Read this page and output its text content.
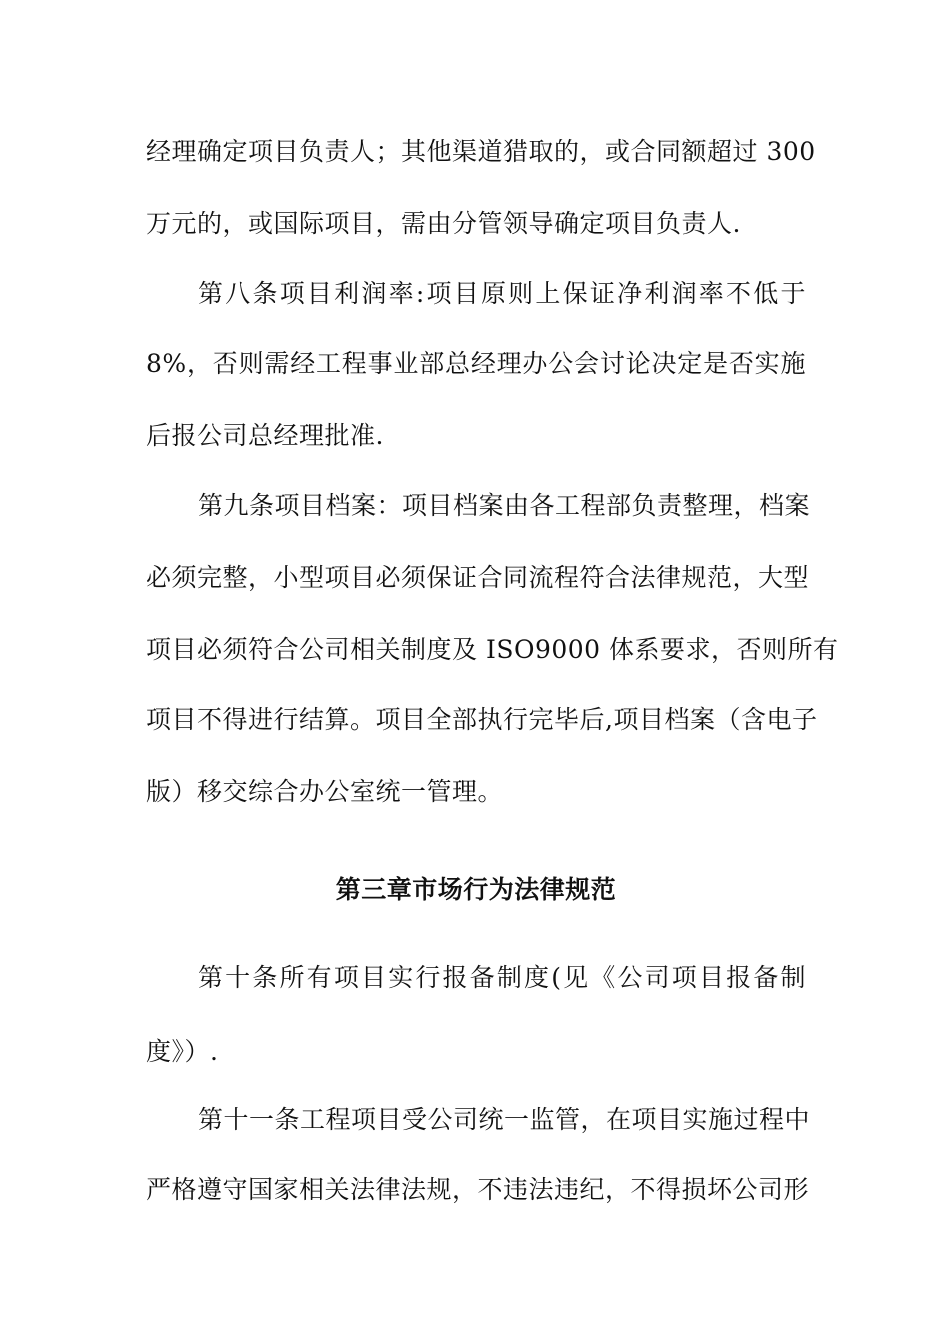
经理确定项目负责人；其他渠道猎取的，或合同额超过 300
万元的，或国际项目，需由分管领导确定项目负责人.
第八条项目利润率:项目原则上保证净利润率不低于
8%，否则需经工程事业部总经理办公会讨论决定是否实施
后报公司总经理批准.
第九条项目档案：项目档案由各工程部负责整理，档案
必须完整，小型项目必须保证合同流程符合法律规范，大型
项目必须符合公司相关制度及 ISO9000 体系要求，否则所有
项目不得进行结算。项目全部执行完毕后,项目档案（含电子
版）移交综合办公室统一管理。
第三章市场行为法律规范
第十条所有项目实行报备制度(见《公司项目报备制
度》）.
第十一条工程项目受公司统一监管，在项目实施过程中
严格遵守国家相关法律法规，不违法违纪，不得损坏公司形
